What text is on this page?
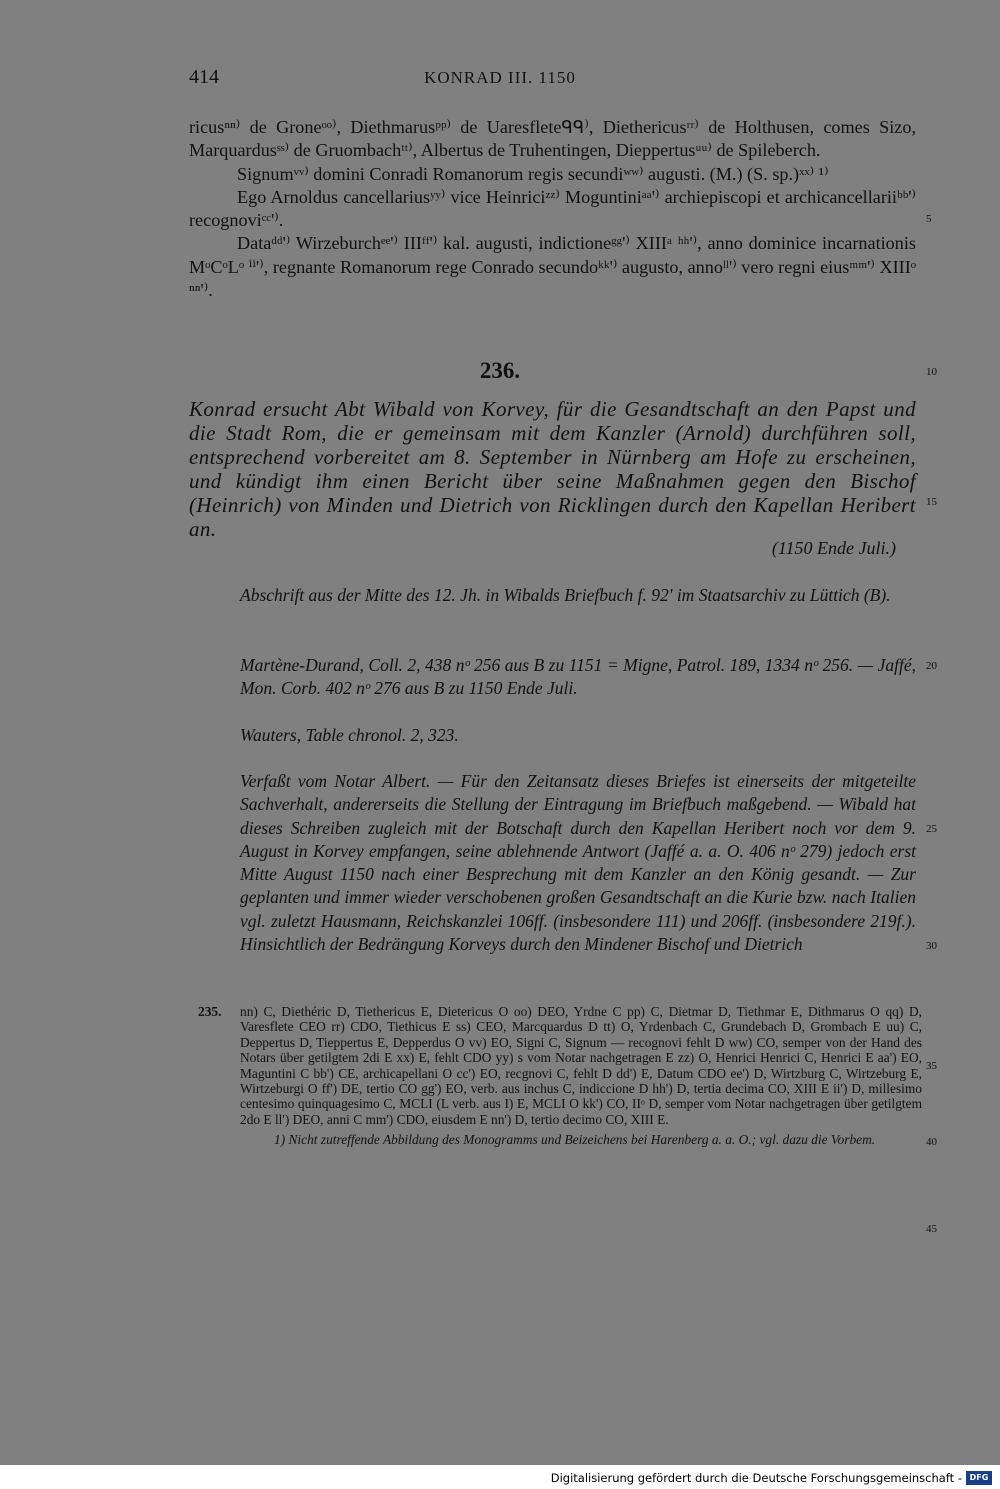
414	KONRAD III. 1150

ricusⁿⁿ⁾ de Groneᵒᵒ⁾, Diethmarusᵖᵖ⁾ de Uaresfleteᑫᑫ⁾, Diethericusʳʳ⁾ de Holthusen, comes Sizo, Marquardusˢˢ⁾ de Gruombachᵗᵗ⁾, Albertus de Truhentingen, Dieppertusᵘᵘ⁾ de Spileberch.

Signumᵛᵛ⁾ domini Conradi Romanorum regis secundiʷʷ⁾ augusti. (M.) (S. sp.)ˣˣ⁾ ¹⁾

Ego Arnoldus cancellariusʸʸ⁾ vice Heinriciᶻᶻ⁾ Moguntiniᵃᵃ'⁾ archiepiscopi et archicancellariiᵇᵇ'⁾ recognoviᶜᶜ'⁾.

Dataᵈᵈ'⁾ Wirzeburchᵉᵉ'⁾ IIIᶠᶠ'⁾ kal. augusti, indictioneᵍᵍ'⁾ XIIIᵃ ʰʰ'⁾, anno dominice incarnationis MᵒCᵒLᵒ ⁱⁱ'⁾, regnante Romanorum rege Conrado secundoᵏᵏ'⁾ augusto, annoˡˡ'⁾ vero regni eiusᵐᵐ'⁾ XIIIᵒ ⁿⁿ'⁾.

236.
Konrad ersucht Abt Wibald von Korvey, für die Gesandtschaft an den Papst und die Stadt Rom, die er gemeinsam mit dem Kanzler (Arnold) durchführen soll, entsprechend vorbereitet am 8. September in Nürnberg am Hofe zu erscheinen, und kündigt ihm einen Bericht über seine Maßnahmen gegen den Bischof (Heinrich) von Minden und Dietrich von Ricklingen durch den Kapellan Heribert an.
(1150 Ende Juli.)

Abschrift aus der Mitte des 12. Jh. in Wibalds Briefbuch f. 92' im Staatsarchiv zu Lüttich (B).

Martène-Durand, Coll. 2, 438 nᵒ 256 aus B zu 1151 = Migne, Patrol. 189, 1334 nᵒ 256. — Jaffé, Mon. Corb. 402 nᵒ 276 aus B zu 1150 Ende Juli.

Wauters, Table chronol. 2, 323.

Verfaßt vom Notar Albert. — Für den Zeitansatz dieses Briefes ist einerseits der mitgeteilte Sachverhalt, andererseits die Stellung der Eintragung im Briefbuch maßgebend. — Wibald hat dieses Schreiben zugleich mit der Botschaft durch den Kapellan Heribert noch vor dem 9. August in Korvey empfangen, seine ablehnende Antwort (Jaffé a. a. O. 406 nᵒ 279) jedoch erst Mitte August 1150 nach einer Besprechung mit dem Kanzler an den König gesandt. — Zur geplanten und immer wieder verschobenen großen Gesandtschaft an die Kurie bzw. nach Italien vgl. zuletzt Hausmann, Reichskanzlei 106ff. (insbesondere 111) und 206ff. (insbesondere 219f.). Hinsichtlich der Bedrängung Korveys durch den Mindener Bischof und Dietrich

235. nn) C, Diethéric D, Tiethericus E, Dietericus O oo) DEO, Yrdne C pp) C, Dietmar D, Tiethmar E, Dithmarus O qq) D, Varesflete CEO rr) CDO, Tiethicus E ss) CEO, Marcquardus D tt) O, Yrdenbach C, Grundebach D, Grombach E uu) C, Deppertus D, Tieppertus E, Depperdus O vv) EO, Signi C, Signum — recognovi fehlt D ww) CO, semper von der Hand des Notars über getilgtem 2di E xx) E, fehlt CDO yy) s vom Notar nachgetragen E zz) O, Henrici Henrici C, Henrici E aa') EO, Maguntini C bb') CE, archicapellani O cc') EO, recgnovi C, fehlt D dd') E, Datum CDO ee') D, Wirtzburg C, Wirtzeburg E, Wirtzeburgi O ff') DE, tertio CO gg') EO, verb. aus inchus C, indiccione D hh') D, tertia decima CO, XIII E ii') D, millesimo centesimo quinquagesimo C, MCLI (L verb. aus I) E, MCLI O kk') CO, IIᵒ D, semper vom Notar nachgetragen über getilgtem 2do E ll') DEO, anni C mm') CDO, eiusdem E nn') D, tertio decimo CO, XIII E.

1) Nicht zutreffende Abbildung des Monogramms und Beizeichens bei Harenberg a. a. O.; vgl. dazu die Vorbem.

5
10
15
20
25
30
35
40
45
Digitalisierung gefördert durch die Deutsche Forschungsgemeinschaft - DFG
